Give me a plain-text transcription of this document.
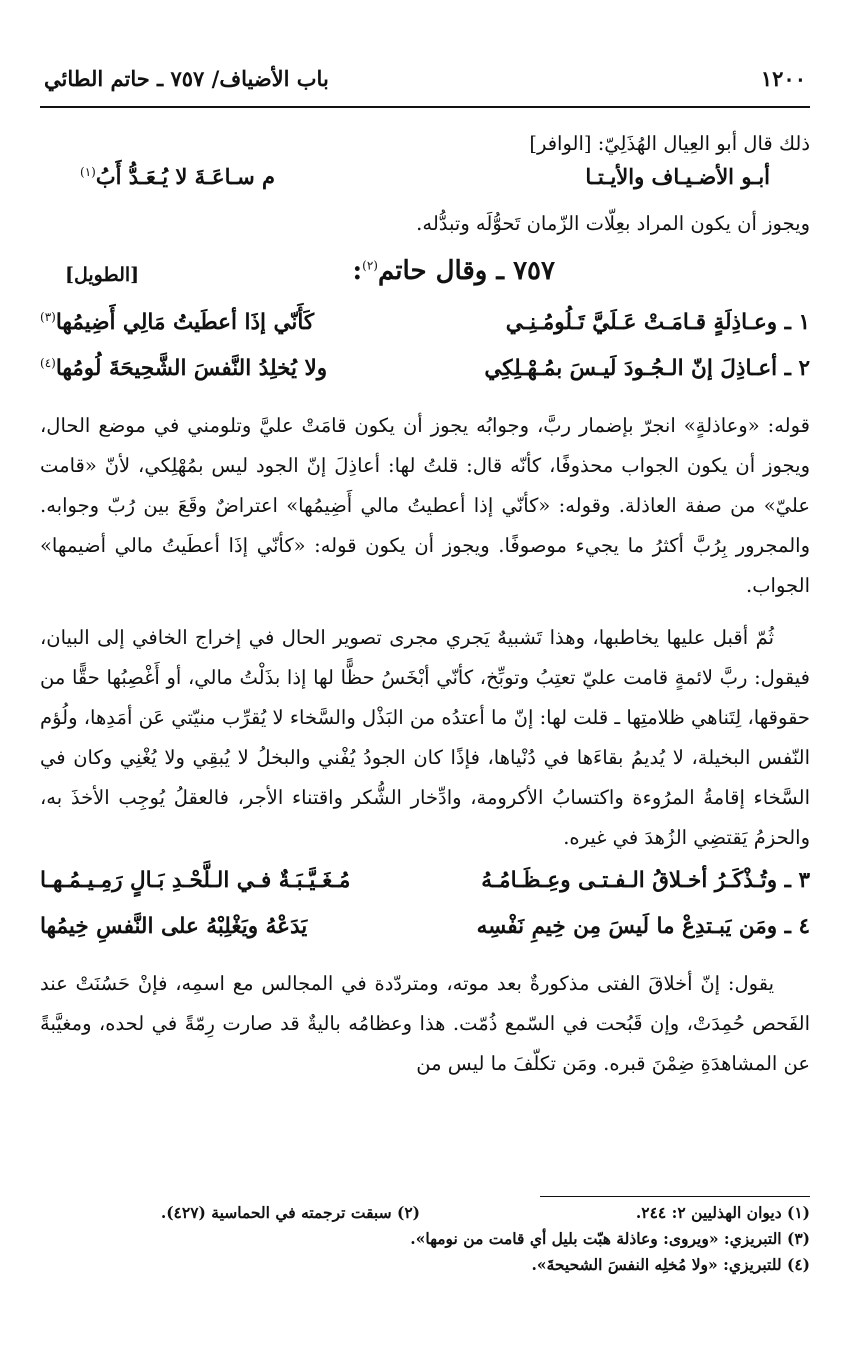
١٢٠٠
باب الأضياف/ ٧٥٧ ـ حاتم الطائي

ذلك قال أبو العِيال الهُذَلِيّ: [الوافر]

أبـو الأضـيـاف والأيـتـا
م سـاعَـةَ لا يُـعَـدُّ أَبُ$^{(١)}$

ويجوز أن يكون المراد بعِلّات الزّمان تَحوُّلَه وتبدُّله.

٧٥٧ ـ وقال حاتم$^{(٢)}$:
[الطويل]
١ ـ وعـاذِلَةٍ قـامَـتْ عَـلَيَّ تَـلُومُـنِـي
كَأَنّي إذَا أعطَيتُ مَالِي أَضِيمُها$^{(٣)}$
٢ ـ أعـاذِلَ إنّ الـجُـودَ لَيـسَ بمُـهْـلِكِي
ولا يُخلِدُ النَّفسَ الشَّحِيحَةَ لُومُها$^{(٤)}$

قوله: «وعاذلةٍ» انجرّ بإضمار ربَّ، وجوابُه يجوز أن يكون قامَتْ عليَّ وتلومني في موضع الحال، ويجوز أن يكون الجواب محذوفًا، كأنّه قال: قلتُ لها: أعاذِلَ إنّ الجود ليس بمُهْلِكي، لأنّ «قامت عليّ» من صفة العاذلة. وقوله: «كأنّي إذا أعطيتُ مالي أَضِيمُها» اعتراضٌ وقَعَ بين رُبّ وجوابه. والمجرور بِرُبَّ أكثرُ ما يجيء موصوفًا. ويجوز أن يكون قوله: «كأنّي إذَا أعطَيتُ مالي أضيمها» الجواب.

ثُمّ أقبل عليها يخاطبها، وهذا تَشبيهٌ يَجري مجرى تصوير الحال في إخراج الخافي إلى البيان، فيقول: ربَّ لائمةٍ قامت عليّ تعتِبُ وتوبِّخ، كأنّي أبْخَسُ حظًّا لها إذا بذَلْتُ مالي، أو أَغْصِبُها حقًّا من حقوقها، لِتَناهي ظلامتِها ـ قلت لها: إنّ ما أعتدُه من البَذْل والسَّخاء لا يُقرِّب منيّتي عَن أمَدِها، ولُؤم النّفس البخيلة، لا يُديمُ بقاءَها في دُنْياها، فإذًا كان الجودُ يُفْني والبخلُ لا يُبقِي ولا يُغْنِي وكان في السَّخاء إقامةُ المرُوءة واكتسابُ الأكرومة، وادِّخار الشُّكر واقتناء الأجر، فالعقلُ يُوجِب الأخذَ به، والحزمُ يَقتضِي الزُهدَ في غيره.

٣ ـ وتُـذْكَـرُ أخـلاقُ الـفـتـى وعِـظَـامُـهُ
مُـغَـيَّـبَـةٌ فـي الـلَّحْـدِ بَـالٍ رَمِـيـمُـهـا
٤ ـ ومَن يَبـتدِعْ ما لَيسَ مِن خِيمِ نَفْسِه
يَدَعْهُ ويَغْلِبْهُ على النَّفسِ خِيمُها

يقول: إنّ أخلاقَ الفتى مذكورةٌ بعد موته، ومتردّدة في المجالس مع اسمِه، فإنْ حَسُنَتْ عند الفَحص حُمِدَتْ، وإن قَبُحت في السّمع ذُمّت. هذا وعظامُه باليةٌ قد صارت رِمّةً في لحده، ومغيَّبةً عن المشاهدَةِ ضِمْنَ قبره. ومَن تكلّفَ ما ليس من

(١) ديوان الهذليين ٢: ٢٤٤.
(٢) سبقت ترجمته في الحماسية (٤٢٧).
(٣) التبريزي: «ويروى: وعاذلة هبّت بليل أي قامت من نومها».
(٤) للتبريزي: «ولا مُخلِه النفسَ الشحيحةَ».
